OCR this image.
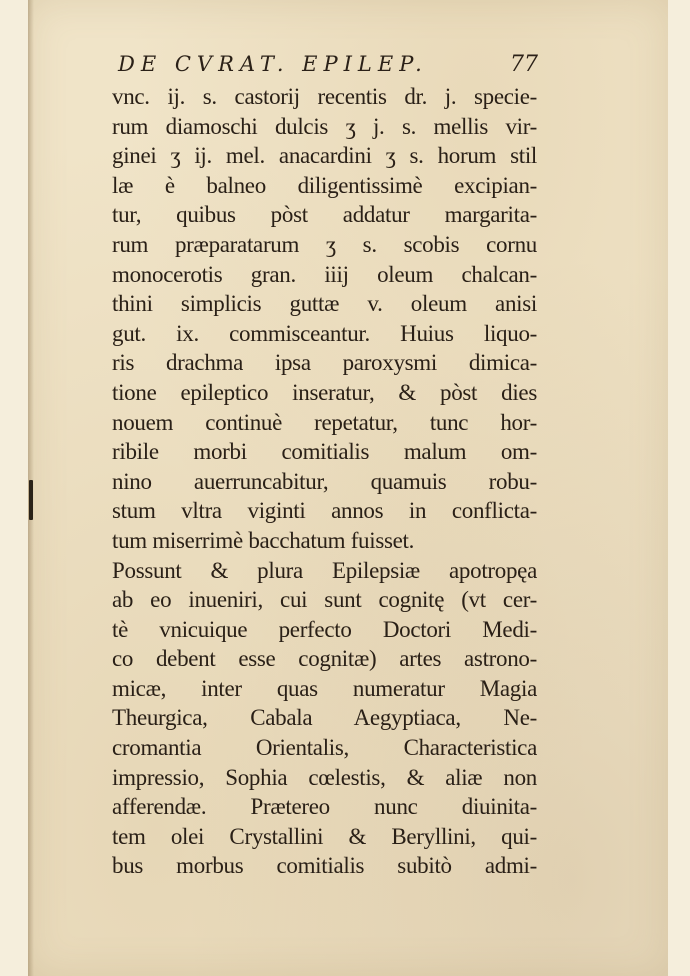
DE CVRAT. EPILEP.	77
vnc. ij. s. castorij recentis dr. j. specie-
rum diamoschi dulcis ʒ j. s. mellis vir-
ginei ʒ ij. mel. anacardini ʒ s. horum stil
læ è balneo diligentissimè excipian-
tur, quibus pòst addatur margarita-
rum præparatarum ʒ s. scobis cornu
monocerotis gran. iiij oleum chalcan-
thini simplicis guttæ v. oleum anisi
gut. ix. commisceantur. Huius liquo-
ris drachma ipsa paroxysmi dimica-
tione epileptico inseratur, & pòst dies
nouem continuè repetatur, tunc hor-
ribile morbi comitialis malum om-
nino auerruncabitur, quamuis robu-
stum vltra viginti annos in conflicta-
tum miserrimè bacchatum fuisset.
Possunt & plura Epilepsiæ apotropęa
ab eo inueniri, cui sunt cognitę (vt cer-
tè vnicuique perfecto Doctori Medi-
co debent esse cognitæ) artes astrono-
micæ, inter quas numeratur Magia
Theurgica, Cabala Aegyptiaca, Ne-
cromantia Orientalis, Characteristica
impressio, Sophia cœlestis, & aliæ non
afferendæ. Prætereo nunc diuinita-
tem olei Crystallini & Beryllini, qui-
bus morbus comitialis subitò admi-
